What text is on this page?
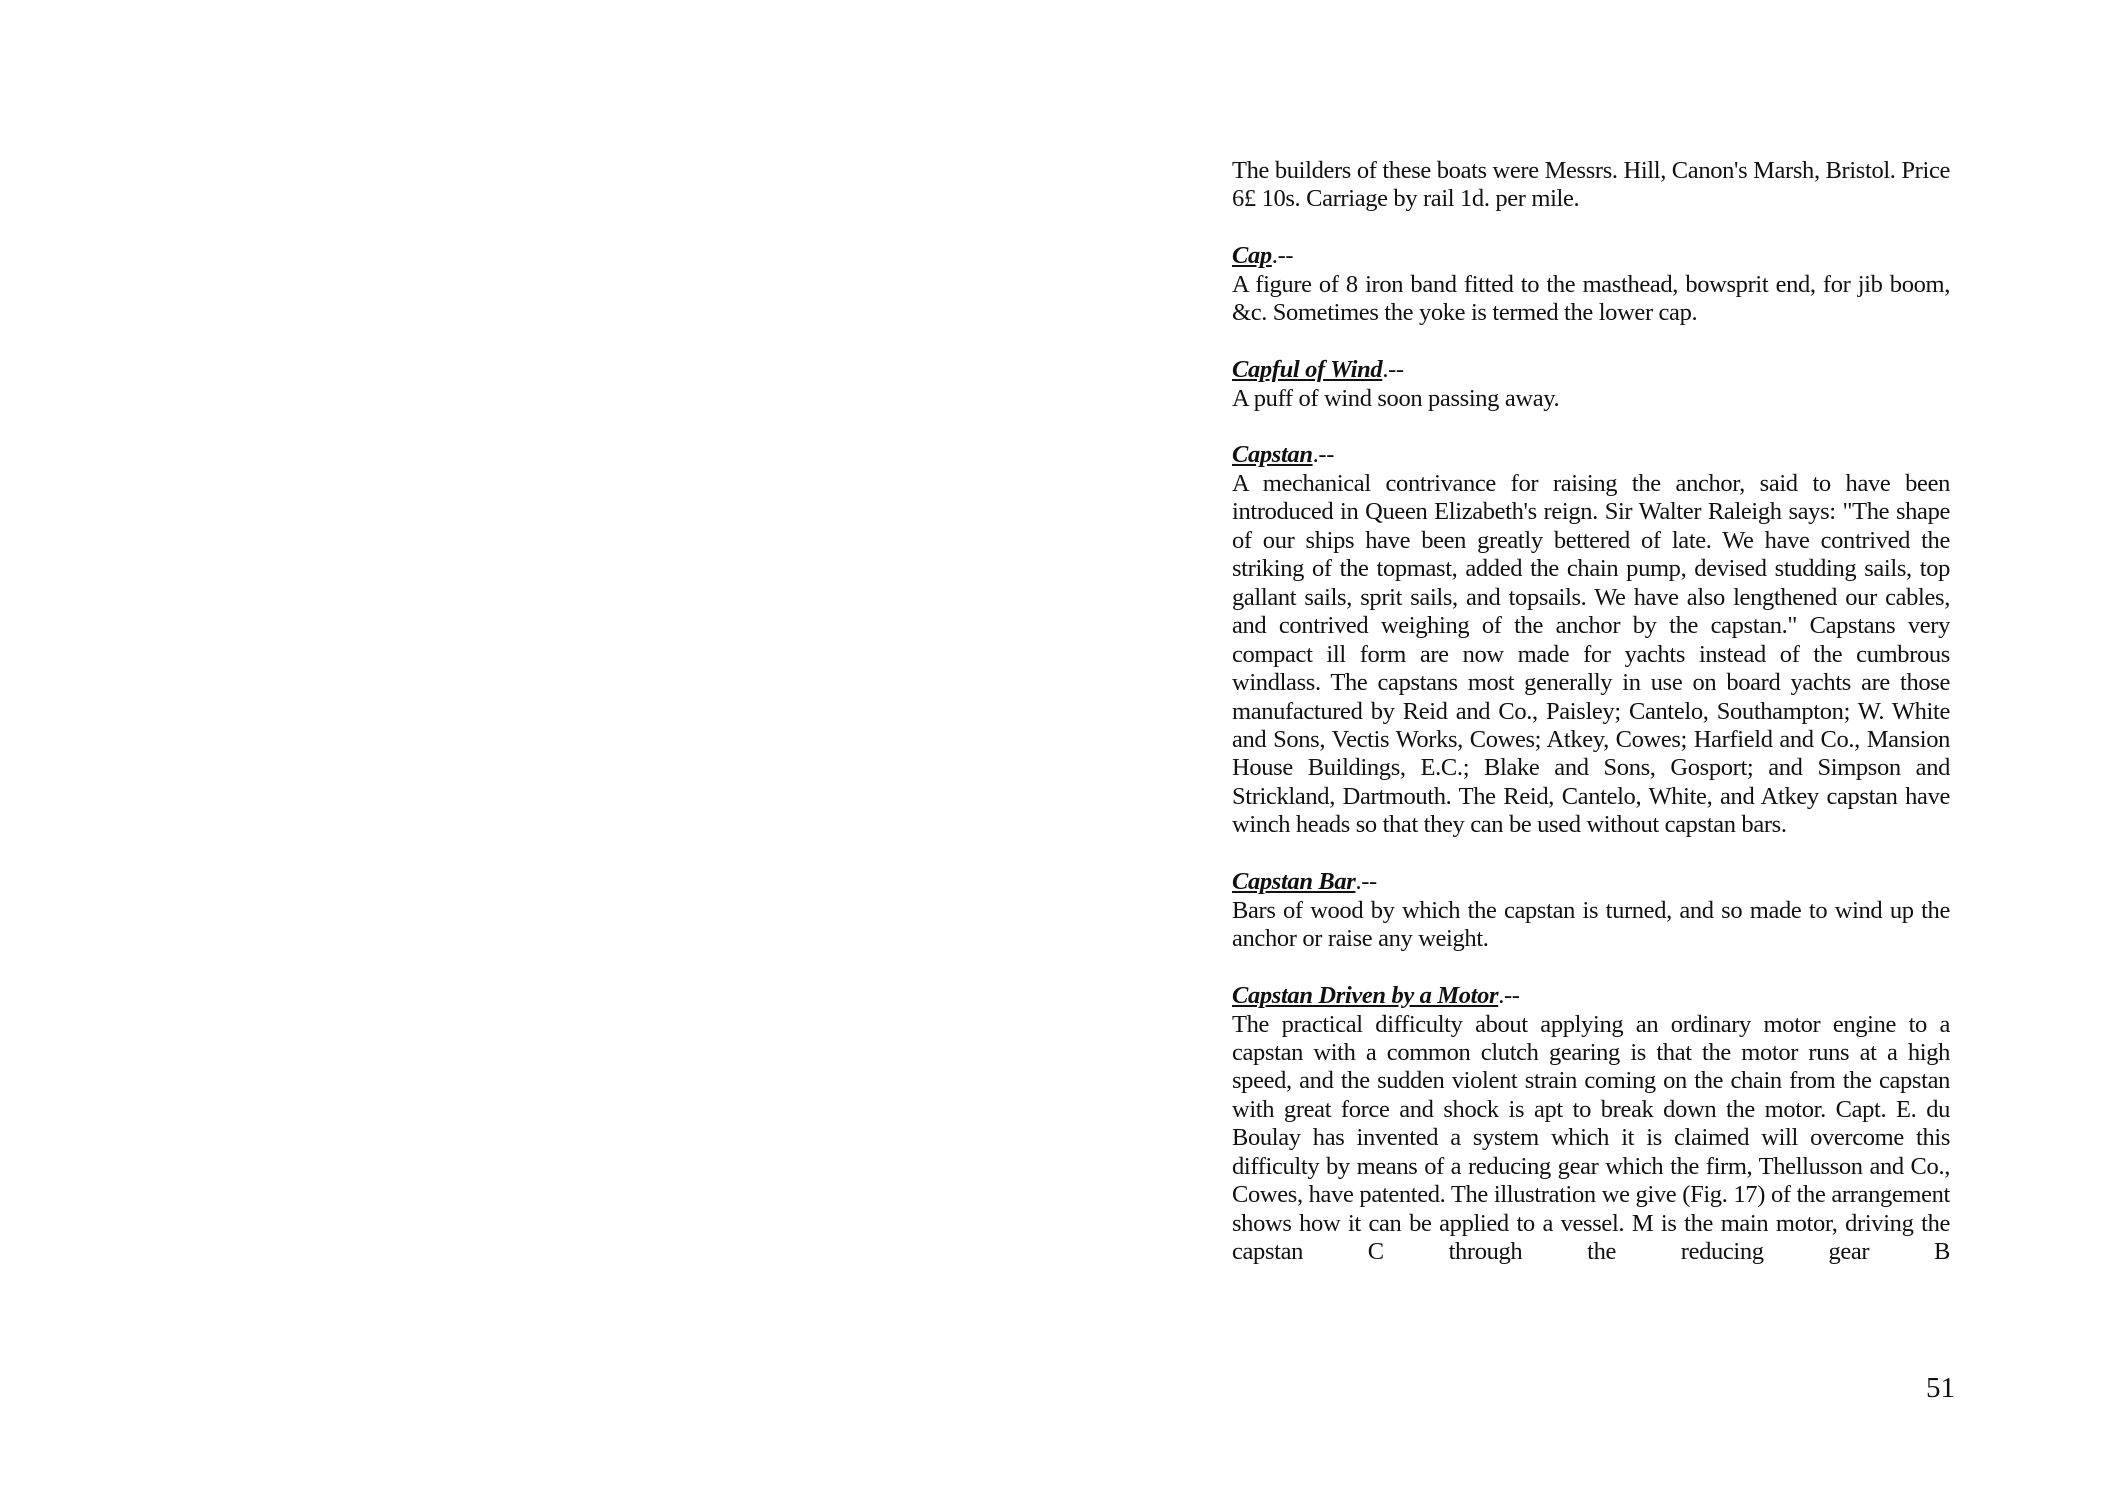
The builders of these boats were Messrs. Hill, Canon's Marsh, Bristol. Price 6£ 10s. Carriage by rail 1d. per mile.

Cap.--

A figure of 8 iron band fitted to the masthead, bowsprit end, for jib boom, &c. Sometimes the yoke is termed the lower cap.

Capful of Wind.--

A puff of wind soon passing away.

Capstan.--

A mechanical contrivance for raising the anchor, said to have been introduced in Queen Elizabeth's reign. Sir Walter Raleigh says: "The shape of our ships have been greatly bettered of late. We have contrived the striking of the topmast, added the chain pump, devised studding sails, top gallant sails, sprit sails, and topsails. We have also lengthened our cables, and contrived weighing of the anchor by the capstan." Capstans very compact ill form are now made for yachts instead of the cumbrous windlass. The capstans most generally in use on board yachts are those manufactured by Reid and Co., Paisley; Cantelo, Southampton; W. White and Sons, Vectis Works, Cowes; Atkey, Cowes; Harfield and Co., Mansion House Buildings, E.C.; Blake and Sons, Gosport; and Simpson and Strickland, Dartmouth. The Reid, Cantelo, White, and Atkey capstan have winch heads so that they can be used without capstan bars.

Capstan Bar.--

Bars of wood by which the capstan is turned, and so made to wind up the anchor or raise any weight.

Capstan Driven by a Motor.--

The practical difficulty about applying an ordinary motor engine to a capstan with a common clutch gearing is that the motor runs at a high speed, and the sudden violent strain coming on the chain from the capstan with great force and shock is apt to break down the motor. Capt. E. du Boulay has invented a system which it is claimed will overcome this difficulty by means of a reducing gear which the firm, Thellusson and Co., Cowes, have patented. The illustration we give (Fig. 17) of the arrangement shows how it can be applied to a vessel. M is the main motor, driving the capstan C through the reducing gear B

51
